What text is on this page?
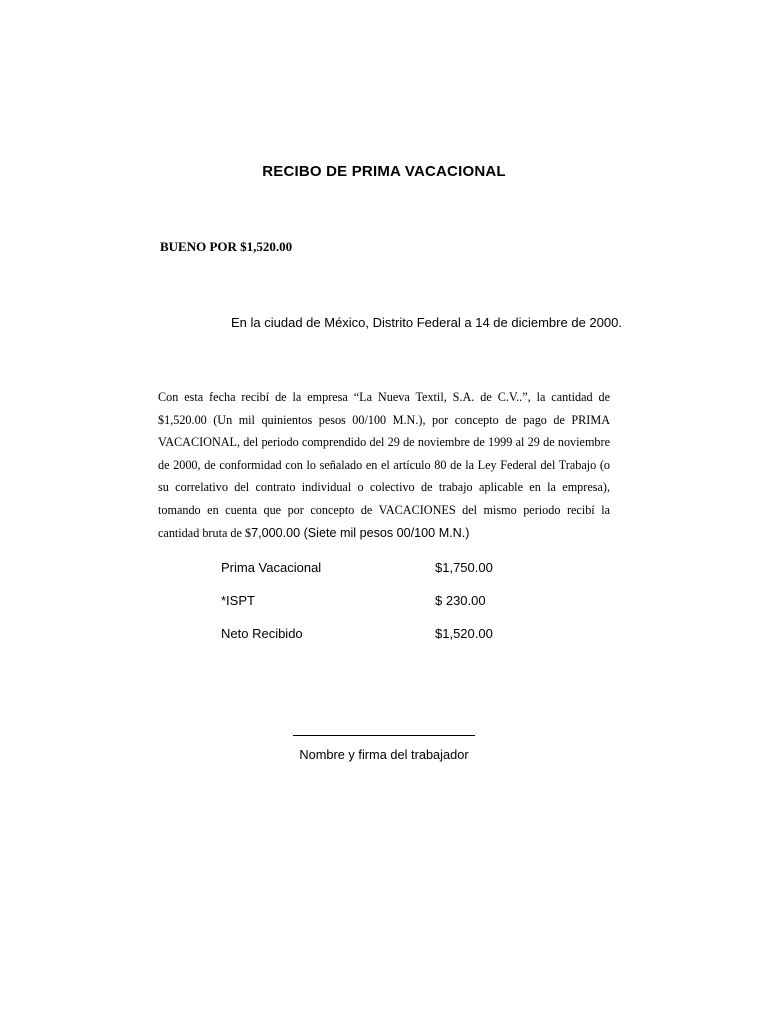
RECIBO DE PRIMA VACACIONAL
BUENO POR $1,520.00
En la ciudad de México, Distrito Federal a 14 de diciembre de 2000.
Con esta fecha recibí de la empresa “La Nueva Textil, S.A. de C.V..”, la cantidad de $1,520.00 (Un mil quinientos pesos 00/100 M.N.), por concepto de pago de PRIMA VACACIONAL, del periodo comprendido del 29 de noviembre de 1999 al 29 de noviembre de 2000, de conformidad con lo señalado en el artículo 80 de la Ley Federal del Trabajo (o su correlativo del contrato individual o colectivo de trabajo aplicable en la empresa), tomando en cuenta que por concepto de VACACIONES del mismo periodo recibí la cantidad bruta de $7,000.00 (Siete mil pesos 00/100 M.N.)
Prima Vacacional	$1,750.00
*ISPT	$ 230.00
Neto Recibido	$1,520.00
Nombre y firma del trabajador
